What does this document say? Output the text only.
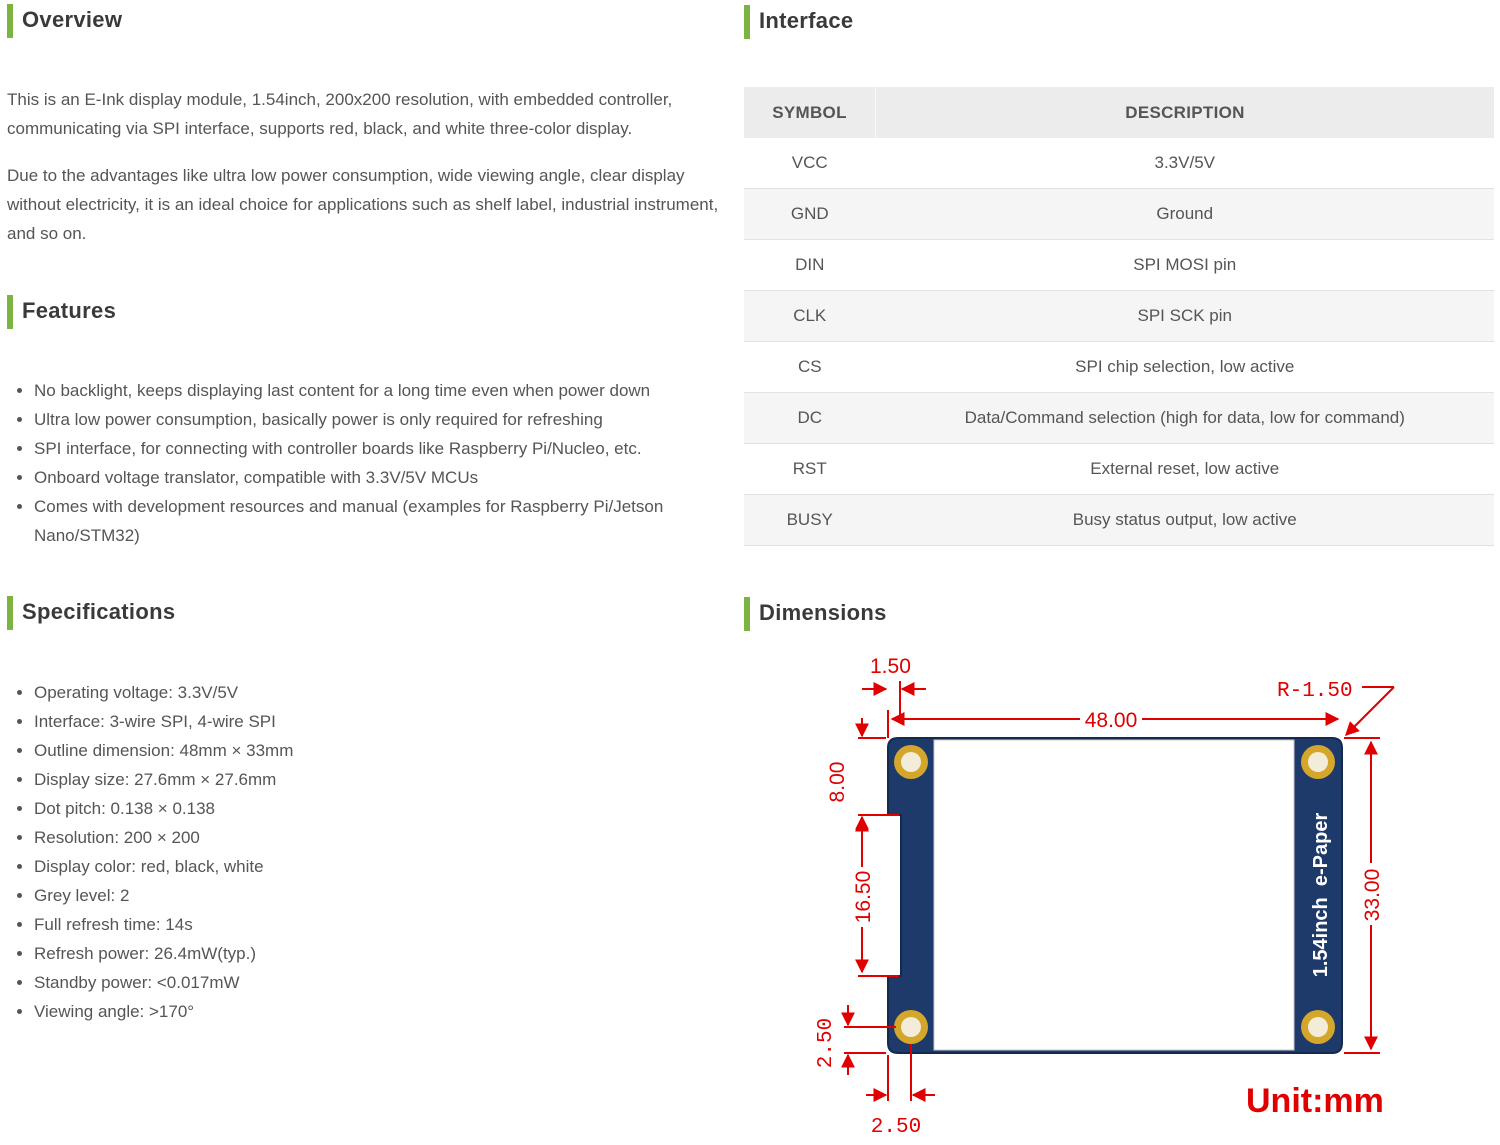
Overview

This is an E-Ink display module, 1.54inch, 200x200 resolution, with embedded controller, communicating via SPI interface, supports red, black, and white three-color display.

Due to the advantages like ultra low power consumption, wide viewing angle, clear display without electricity, it is an ideal choice for applications such as shelf label, industrial instrument, and so on.

Features
No backlight, keeps displaying last content for a long time even when power down
Ultra low power consumption, basically power is only required for refreshing
SPI interface, for connecting with controller boards like Raspberry Pi/Nucleo, etc.
Onboard voltage translator, compatible with 3.3V/5V MCUs
Comes with development resources and manual (examples for Raspberry Pi/Jetson Nano/STM32)
Specifications
Operating voltage: 3.3V/5V
Interface: 3-wire SPI, 4-wire SPI
Outline dimension: 48mm × 33mm
Display size: 27.6mm × 27.6mm
Dot pitch: 0.138 × 0.138
Resolution: 200 × 200
Display color: red, black, white
Grey level: 2
Full refresh time: 14s
Refresh power: 26.4mW(typ.)
Standby power: <0.017mW
Viewing angle: >170°
Interface
SYMBOL	DESCRIPTION
VCC	3.3V/5V
GND	Ground
DIN	SPI MOSI pin
CLK	SPI SCK pin
CS	SPI chip selection, low active
DC	Data/Command selection (high for data, low for command)
RST	External reset, low active
BUSY	Busy status output, low active
Dimensions
1.54inch  e-Paper
1.50
R-1.50
48.00
33.00
8.00
16.50
2.50
2.50
Unit:mm
